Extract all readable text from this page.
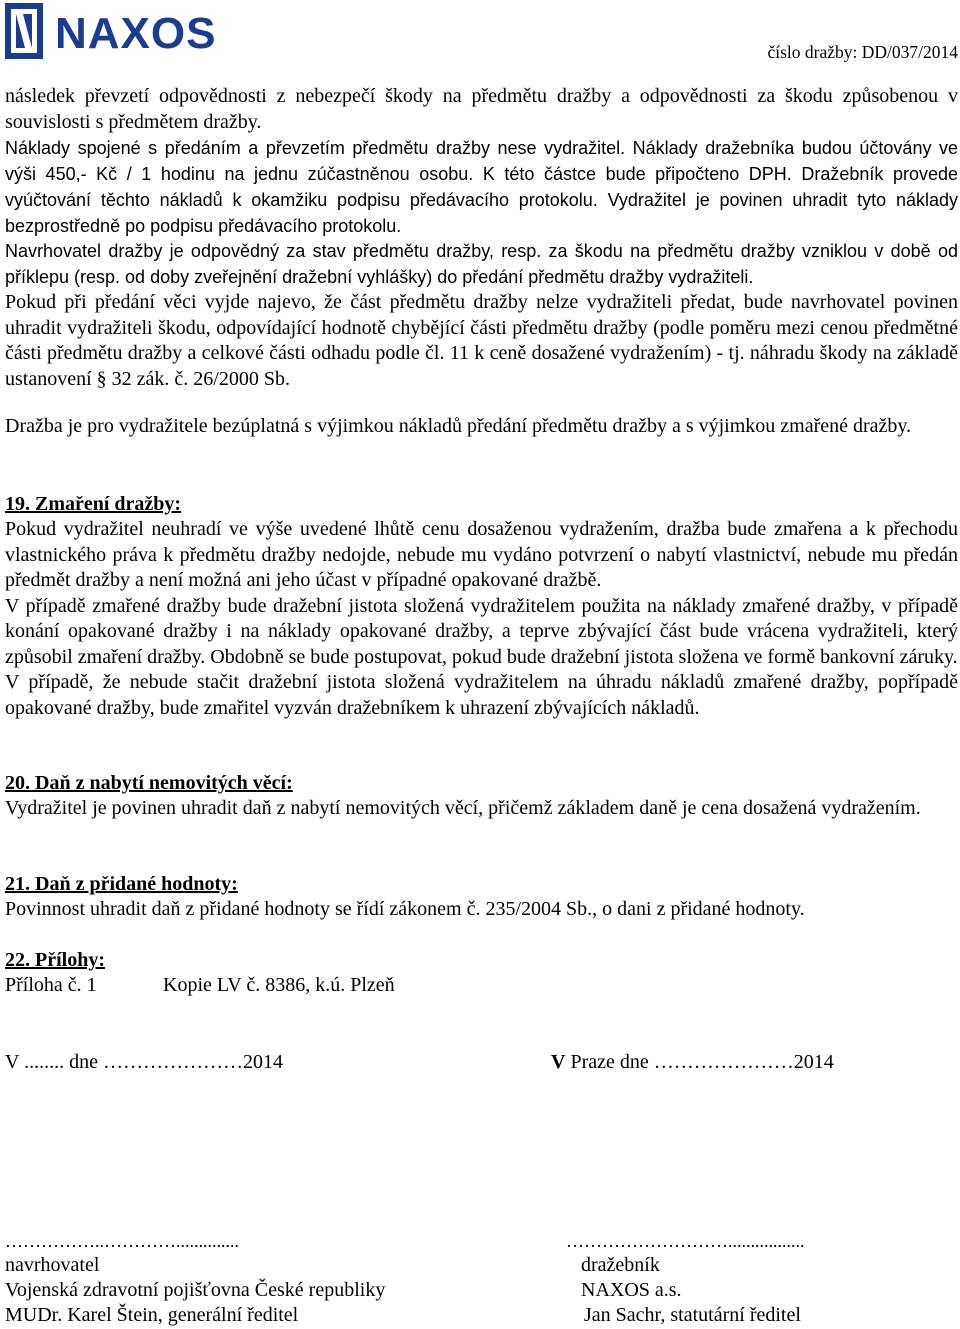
NAXOS	číslo dražby: DD/037/2014

následek převzetí odpovědnosti z nebezpečí škody na předmětu dražby a odpovědnosti za škodu způsobenou v souvislosti s předmětem dražby.

Náklady spojené s předáním a převzetím předmětu dražby nese vydražitel. Náklady dražebníka budou účtovány ve výši 450,- Kč / 1 hodinu na jednu zúčastněnou osobu. K této částce bude připočteno DPH. Dražebník provede vyúčtování těchto nákladů k okamžiku podpisu předávacího protokolu. Vydražitel je povinen uhradit tyto náklady bezprostředně po podpisu předávacího protokolu.

Navrhovatel dražby je odpovědný za stav předmětu dražby, resp. za škodu na předmětu dražby vzniklou v době od příklepu (resp. od doby zveřejnění dražební vyhlášky) do předání předmětu dražby vydražiteli.

Pokud při předání věci vyjde najevo, že část předmětu dražby nelze vydražiteli předat, bude navrhovatel povinen uhradit vydražiteli škodu, odpovídající hodnotě chybějící části předmětu dražby (podle poměru mezi cenou předmětné části předmětu dražby a celkové části odhadu podle čl. 11 k ceně dosažené vydražením) - tj. náhradu škody na základě ustanovení § 32 zák. č. 26/2000 Sb.

Dražba je pro vydražitele bezúplatná s výjimkou nákladů předání předmětu dražby a s výjimkou zmařené dražby.
19. Zmaření dražby:

Pokud vydražitel neuhradí ve výše uvedené lhůtě cenu dosaženou vydražením, dražba bude zmařena a k přechodu vlastnického práva k předmětu dražby nedojde, nebude mu vydáno potvrzení o nabytí vlastnictví, nebude mu předán předmět dražby a není možná ani jeho účast v případné opakované dražbě.

V případě zmařené dražby bude dražební jistota složená vydražitelem použita na náklady zmařené dražby, v případě konání opakované dražby i na náklady opakované dražby, a teprve zbývající část bude vrácena vydražiteli, který způsobil zmaření dražby. Obdobně se bude postupovat, pokud bude dražební jistota složena ve formě bankovní záruky.

V případě, že nebude stačit dražební jistota složená vydražitelem na úhradu nákladů zmařené dražby, popřípadě opakované dražby, bude zmařitel vyzván dražebníkem k uhrazení zbývajících nákladů.

20. Daň z nabytí nemovitých věcí:
Vydražitel je povinen uhradit daň z nabytí nemovitých věcí, přičemž základem daně je cena dosažená vydražením.
21. Daň z přidané hodnoty:
Povinnost uhradit daň z přidané hodnoty se řídí zákonem č. 235/2004 Sb., o dani z přidané hodnoty.
22. Přílohy:
Příloha č. 1	Kopie LV č. 8386, k.ú. Plzeň
V ........ dne …………………2014	V Praze dne …………………2014
……………..…………..............
navrhovatel
Vojenská zdravotní pojišťovna České republiky
MUDr. Karel Štein, generální ředitel
……………………….................
dražebník
NAXOS a.s.
Jan Sachr, statutární ředitel
